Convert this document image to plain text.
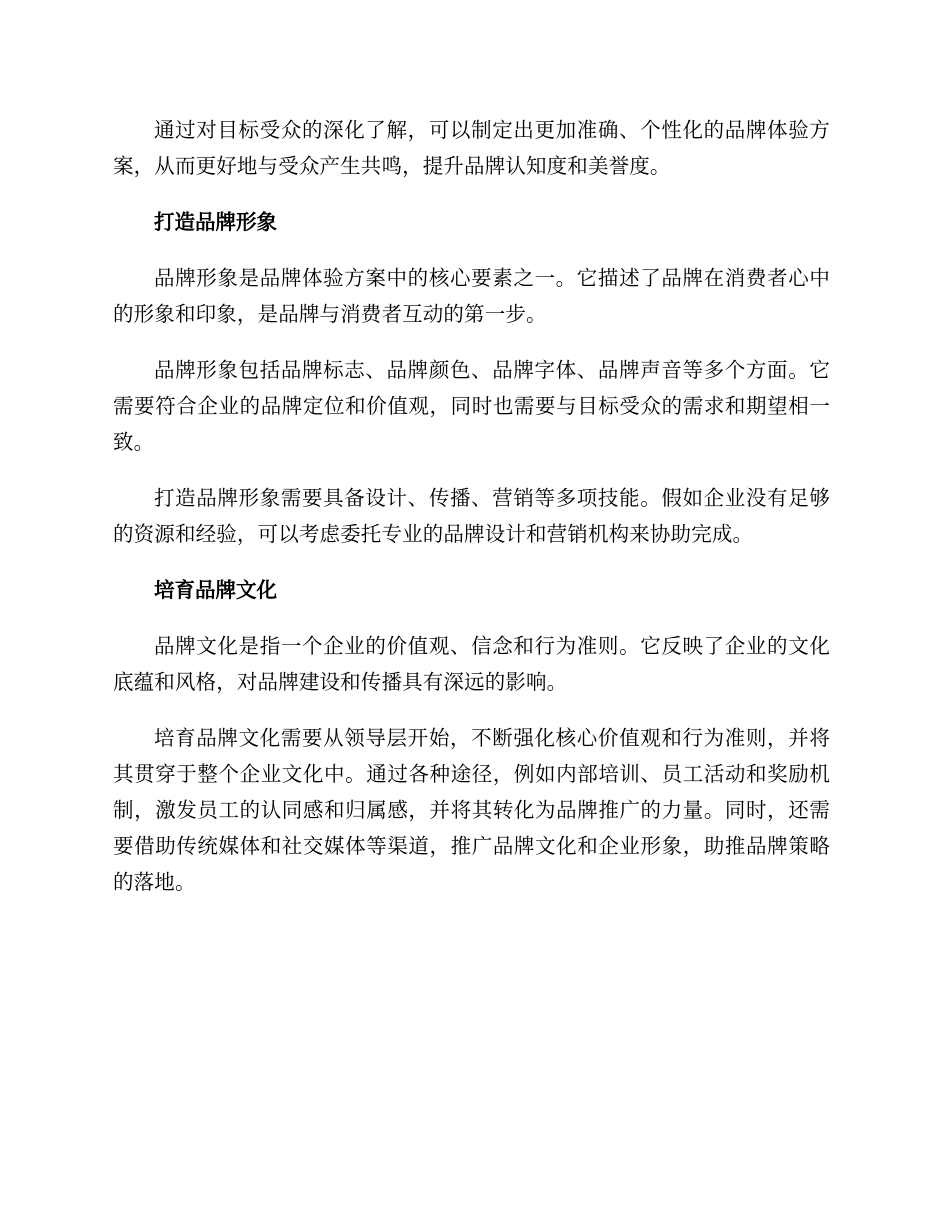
通过对目标受众的深化了解，可以制定出更加准确、个性化的品牌体验方案，从而更好地与受众产生共鸣，提升品牌认知度和美誉度。

打造品牌形象

品牌形象是品牌体验方案中的核心要素之一。它描述了品牌在消费者心中的形象和印象，是品牌与消费者互动的第一步。

品牌形象包括品牌标志、品牌颜色、品牌字体、品牌声音等多个方面。它需要符合企业的品牌定位和价值观，同时也需要与目标受众的需求和期望相一致。

打造品牌形象需要具备设计、传播、营销等多项技能。假如企业没有足够的资源和经验，可以考虑委托专业的品牌设计和营销机构来协助完成。

培育品牌文化

品牌文化是指一个企业的价值观、信念和行为准则。它反映了企业的文化底蕴和风格，对品牌建设和传播具有深远的影响。

培育品牌文化需要从领导层开始，不断强化核心价值观和行为准则，并将其贯穿于整个企业文化中。通过各种途径，例如内部培训、员工活动和奖励机制，激发员工的认同感和归属感，并将其转化为品牌推广的力量。同时，还需要借助传统媒体和社交媒体等渠道，推广品牌文化和企业形象，助推品牌策略的落地。
